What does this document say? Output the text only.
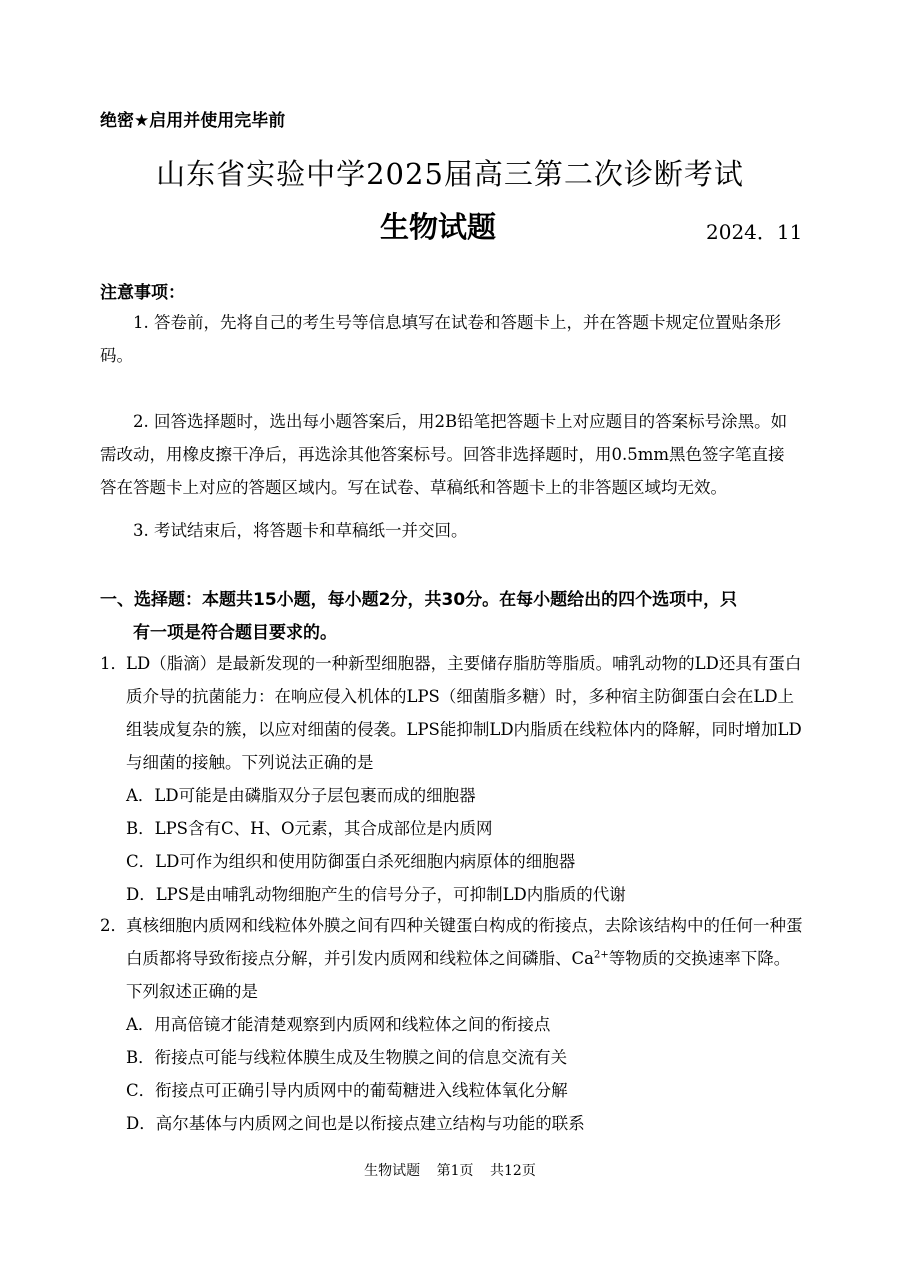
绝密★启用并使用完毕前
山东省实验中学2025届高三第二次诊断考试
生物试题	2024．11
注意事项：
1. 答卷前，先将自己的考生号等信息填写在试卷和答题卡上，并在答题卡规定位置贴条形码。
2. 回答选择题时，选出每小题答案后，用2B铅笔把答题卡上对应题目的答案标号涂黑。如需改动，用橡皮擦干净后，再选涂其他答案标号。回答非选择题时，用0.5mm黑色签字笔直接答在答题卡上对应的答题区域内。写在试卷、草稿纸和答题卡上的非答题区域均无效。
3. 考试结束后，将答题卡和草稿纸一并交回。
一、选择题：本题共15小题，每小题2分，共30分。在每小题给出的四个选项中，只
有一项是符合题目要求的。
1． LD（脂滴）是最新发现的一种新型细胞器，主要储存脂肪等脂质。哺乳动物的LD还具有蛋白质介导的抗菌能力：在响应侵入机体的LPS（细菌脂多糖）时，多种宿主防御蛋白会在LD上组装成复杂的簇，以应对细菌的侵袭。LPS能抑制LD内脂质在线粒体内的降解，同时增加LD与细菌的接触。下列说法正确的是
A．LD可能是由磷脂双分子层包裹而成的细胞器
B．LPS含有C、H、O元素，其合成部位是内质网
C．LD可作为组织和使用防御蛋白杀死细胞内病原体的细胞器
D．LPS是由哺乳动物细胞产生的信号分子，可抑制LD内脂质的代谢
2． 真核细胞内质网和线粒体外膜之间有四种关键蛋白构成的衔接点，去除该结构中的任何一种蛋白质都将导致衔接点分解，并引发内质网和线粒体之间磷脂、$Ca^{2+}$等物质的交换速率下降。下列叙述正确的是
A．用高倍镜才能清楚观察到内质网和线粒体之间的衔接点
B．衔接点可能与线粒体膜生成及生物膜之间的信息交流有关
C．衔接点可正确引导内质网中的葡萄糖进入线粒体氧化分解
D．高尔基体与内质网之间也是以衔接点建立结构与功能的联系
生物试题 第1页 共12页
